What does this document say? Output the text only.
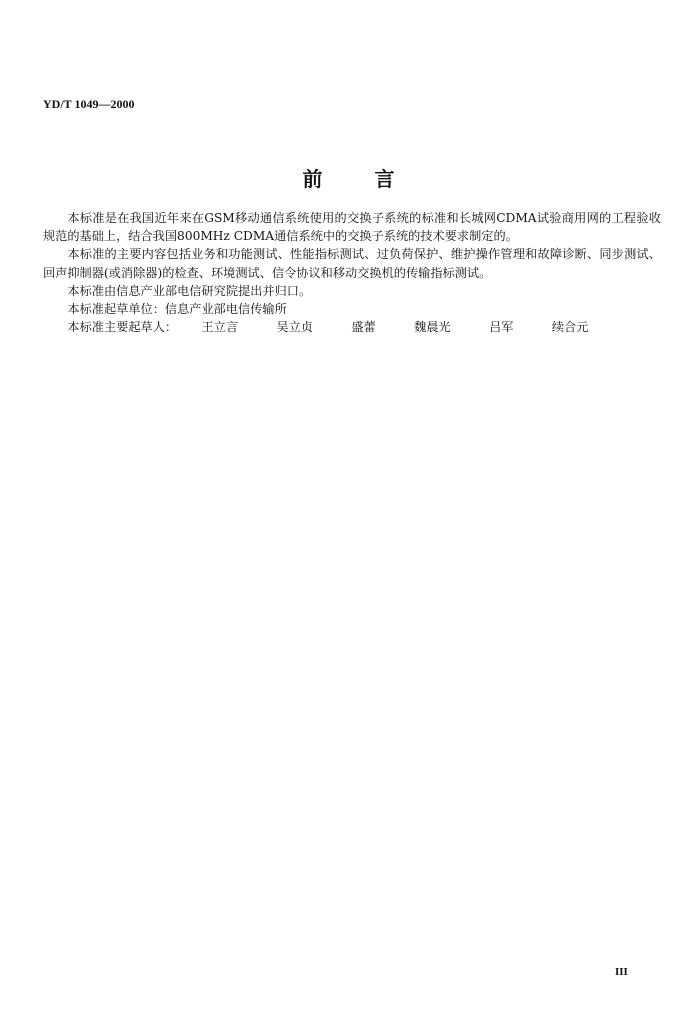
YD/T 1049—2000
前言

本标准是在我国近年来在GSM移动通信系统使用的交换子系统的标准和长城网CDMA试验商用网的工程验收规范的基础上，结合我国800MHz CDMA通信系统中的交换子系统的技术要求制定的。

本标准的主要内容包括业务和功能测试、性能指标测试、过负荷保护、维护操作管理和故障诊断、同步测试、回声抑制器(或消除器)的检查、环境测试、信令协议和移动交换机的传输指标测试。

本标准由信息产业部电信研究院提出并归口。

本标准起草单位：信息产业部电信传输所

本标准主要起草人： 王立言	吴立贞	盛蕾	魏晨光	吕军	续合元

III
